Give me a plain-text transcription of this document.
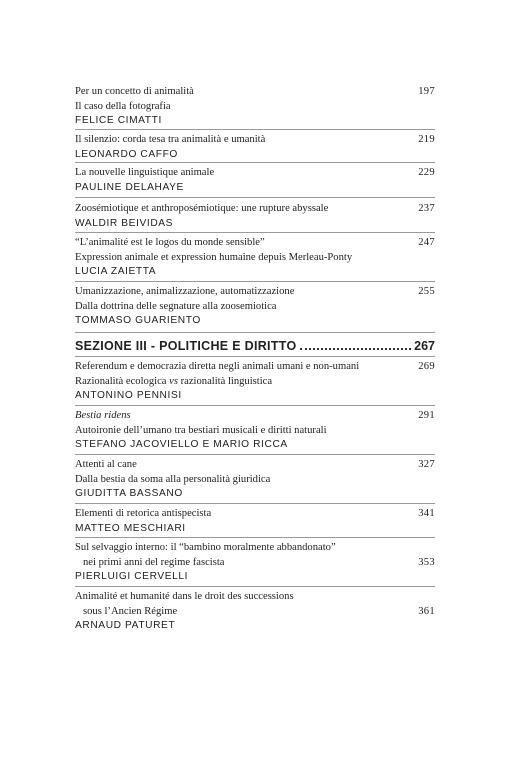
Per un concetto di animalità
Il caso della fotografia
FELICE CIMATTI
197
Il silenzio: corda tesa tra animalità e umanità
LEONARDO CAFFO
219
La nouvelle linguistique animale
PAULINE DELAHAYE
229
Zoosémiotique et anthroposémiotique: une rupture abyssale
WALDIR BEIVIDAS
237
“L’animalité est le logos du monde sensible”
Expression animale et expression humaine depuis Merleau-Ponty
LUCIA ZAIETTA
247
Umanizzazione, animalizzazione, automatizzazione
Dalla dottrina delle segnature alla zoosemiotica
TOMMASO GUARIENTO
255
SEZIONE III - POLITICHE E DIRITTO	267
Referendum e democrazia diretta negli animali umani e non-umani
Razionalità ecologica vs razionalità linguistica
ANTONINO PENNISI
269
Bestia ridens
Autoironie dell’umano tra bestiari musicali e diritti naturali
STEFANO JACOVIELLO E MARIO RICCA
291
Attenti al cane
Dalla bestia da soma alla personalità giuridica
GIUDITTA BASSANO
327
Elementi di retorica antispecista
MATTEO MESCHIARI
341
Sul selvaggio interno: il “bambino moralmente abbandonato”
nei primi anni del regime fascista
PIERLUIGI CERVELLI
353
Animalité et humanité dans le droit des successions
sous l’Ancien Régime
ARNAUD PATURET
361
